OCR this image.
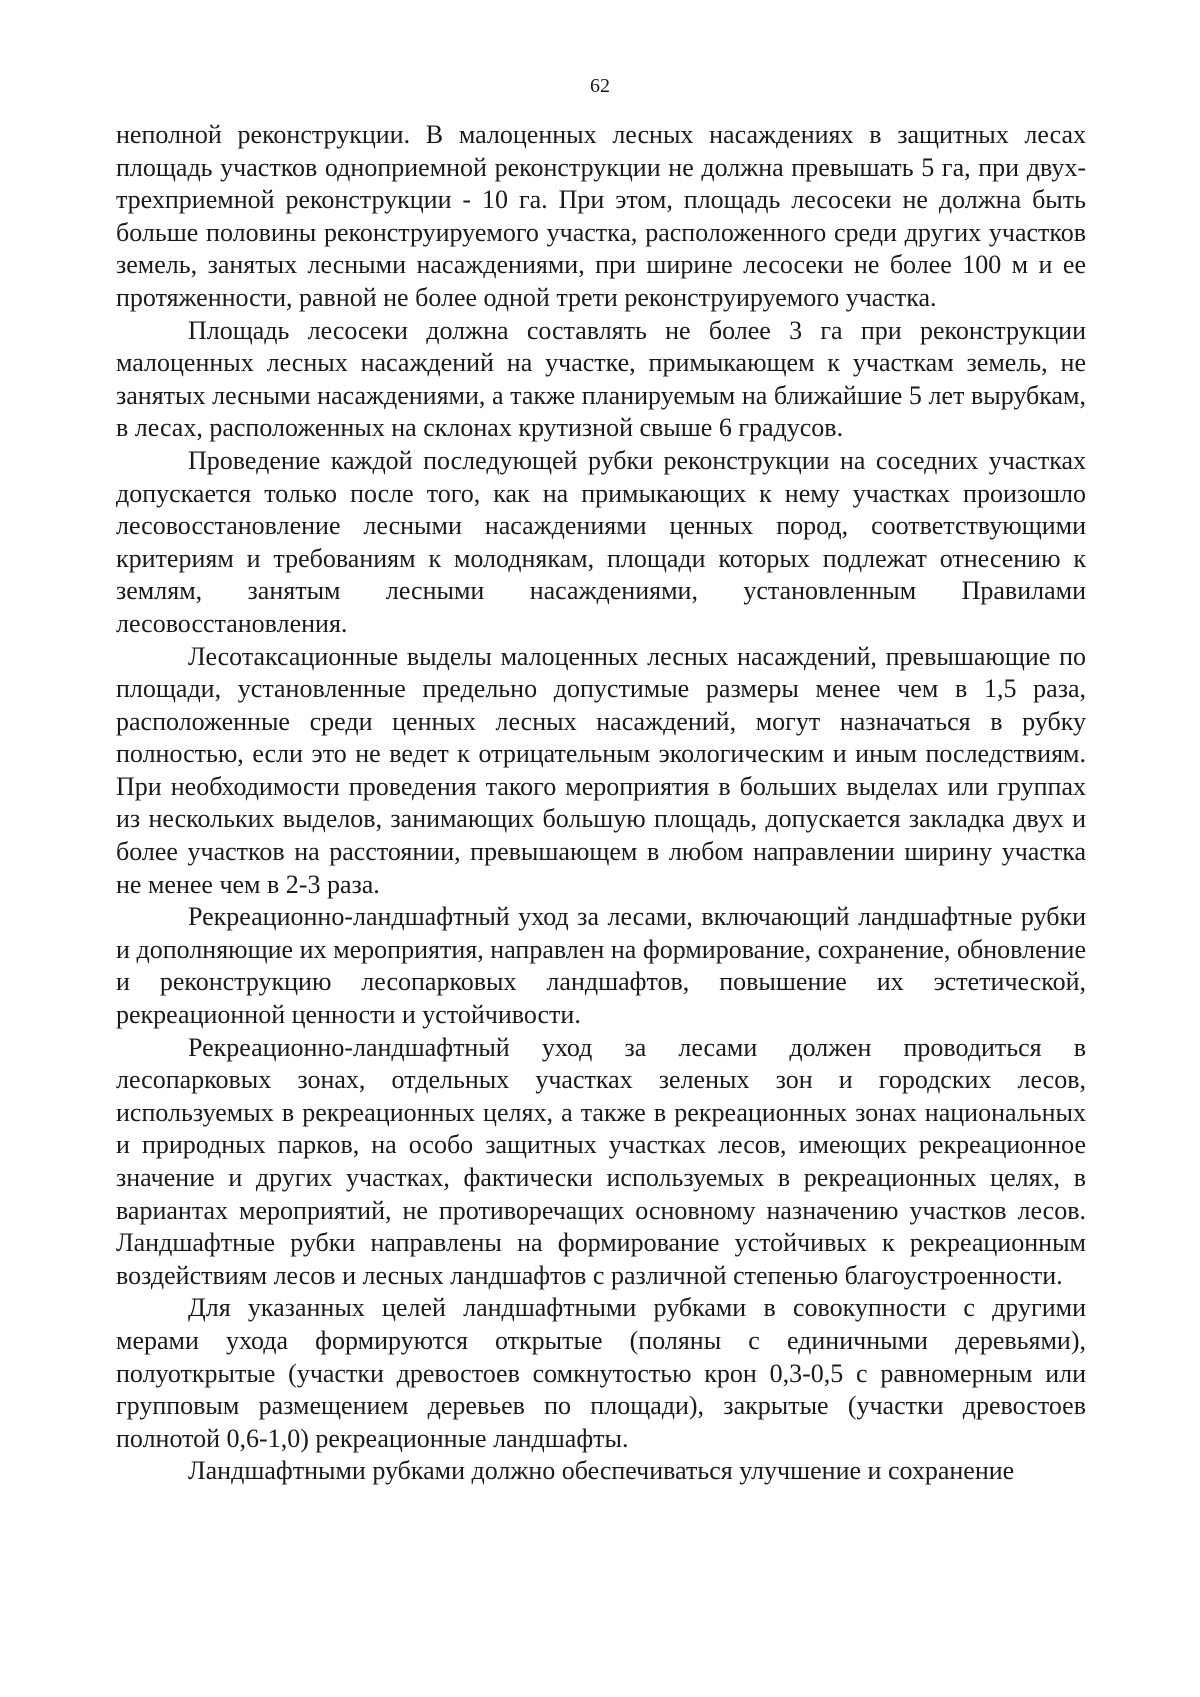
62

неполной реконструкции. В малоценных лесных насаждениях в защитных лесах площадь участков одноприемной реконструкции не должна превышать 5 га, при двух-трехприемной реконструкции - 10 га. При этом, площадь лесосеки не должна быть больше половины реконструируемого участка, расположенного среди других участков земель, занятых лесными насаждениями, при ширине лесосеки не более 100 м и ее протяженности, равной не более одной трети реконструируемого участка.

Площадь лесосеки должна составлять не более 3 га при реконструкции малоценных лесных насаждений на участке, примыкающем к участкам земель, не занятых лесными насаждениями, а также планируемым на ближайшие 5 лет вырубкам, в лесах, расположенных на склонах крутизной свыше 6 градусов.

Проведение каждой последующей рубки реконструкции на соседних участках допускается только после того, как на примыкающих к нему участках произошло лесовосстановление лесными насаждениями ценных пород, соответствующими критериям и требованиям к молоднякам, площади которых подлежат отнесению к землям, занятым лесными насаждениями, установленным Правилами лесовосстановления.

Лесотаксационные выделы малоценных лесных насаждений, превышающие по площади, установленные предельно допустимые размеры менее чем в 1,5 раза, расположенные среди ценных лесных насаждений, могут назначаться в рубку полностью, если это не ведет к отрицательным экологическим и иным последствиям. При необходимости проведения такого мероприятия в больших выделах или группах из нескольких выделов, занимающих большую площадь, допускается закладка двух и более участков на расстоянии, превышающем в любом направлении ширину участка не менее чем в 2-3 раза.

Рекреационно-ландшафтный уход за лесами, включающий ландшафтные рубки и дополняющие их мероприятия, направлен на формирование, сохранение, обновление и реконструкцию лесопарковых ландшафтов, повышение их эстетической, рекреационной ценности и устойчивости.

Рекреационно-ландшафтный уход за лесами должен проводиться в лесопарковых зонах, отдельных участках зеленых зон и городских лесов, используемых в рекреационных целях, а также в рекреационных зонах национальных и природных парков, на особо защитных участках лесов, имеющих рекреационное значение и других участках, фактически используемых в рекреационных целях, в вариантах мероприятий, не противоречащих основному назначению участков лесов. Ландшафтные рубки направлены на формирование устойчивых к рекреационным воздействиям лесов и лесных ландшафтов с различной степенью благоустроенности.

Для указанных целей ландшафтными рубками в совокупности с другими мерами ухода формируются открытые (поляны с единичными деревьями), полуоткрытые (участки древостоев сомкнутостью крон 0,3-0,5 с равномерным или групповым размещением деревьев по площади), закрытые (участки древостоев полнотой 0,6-1,0) рекреационные ландшафты.

Ландшафтными рубками должно обеспечиваться улучшение и сохранение
